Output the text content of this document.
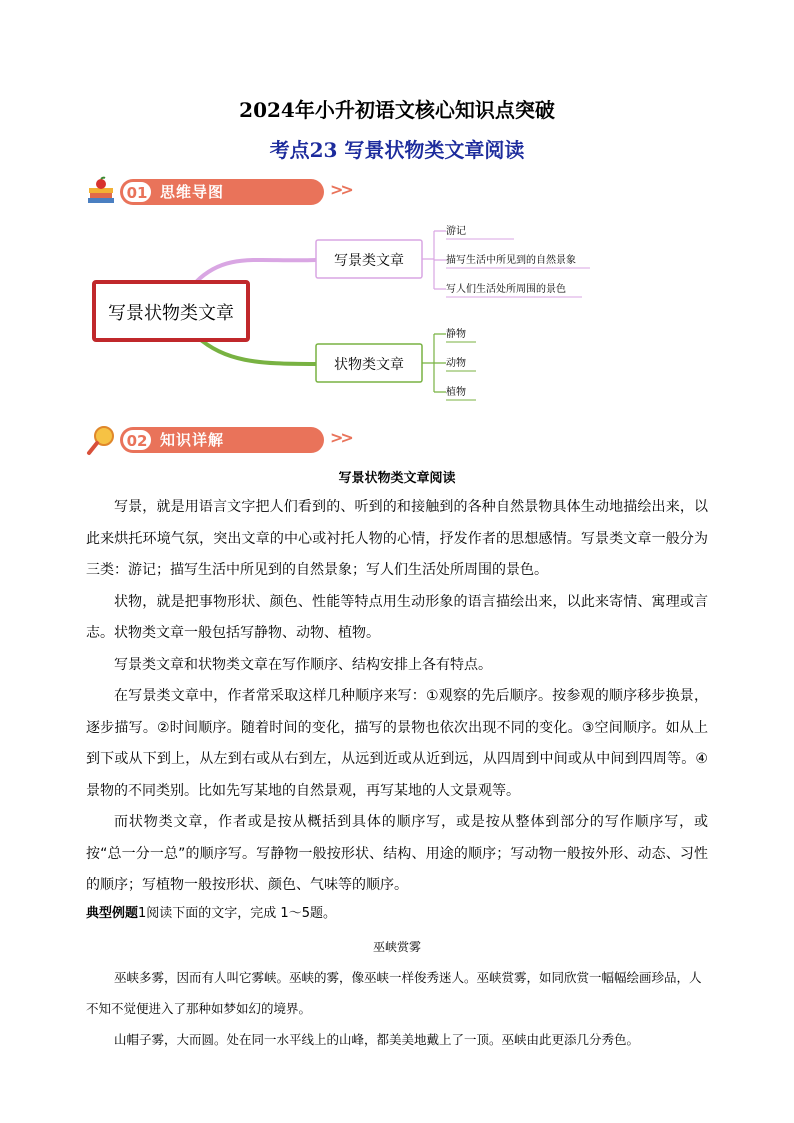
2024年小升初语文核心知识点突破
考点23 写景状物类文章阅读
01 思维导图	>>
写景状物类文章
写景类文章
游记
描写生活中所见到的自然景象
写人们生活处所周围的景色
状物类文章
静物
动物
植物
02 知识详解	>>
写景状物类文章阅读

写景，就是用语言文字把人们看到的、听到的和接触到的各种自然景物具体生动地描绘出来，以此来烘托环境气氛，突出文章的中心或衬托人物的心情，抒发作者的思想感情。写景类文章一般分为三类：游记；描写生活中所见到的自然景象；写人们生活处所周围的景色。

状物，就是把事物形状、颜色、性能等特点用生动形象的语言描绘出来，以此来寄情、寓理或言志。状物类文章一般包括写静物、动物、植物。

写景类文章和状物类文章在写作顺序、结构安排上各有特点。

在写景类文章中，作者常采取这样几种顺序来写：①观察的先后顺序。按参观的顺序移步换景，逐步描写。②时间顺序。随着时间的变化，描写的景物也依次出现不同的变化。③空间顺序。如从上到下或从下到上，从左到右或从右到左，从远到近或从近到远，从四周到中间或从中间到四周等。④景物的不同类别。比如先写某地的自然景观，再写某地的人文景观等。

而状物类文章，作者或是按从概括到具体的顺序写，或是按从整体到部分的写作顺序写，或按“总一分一总”的顺序写。写静物一般按形状、结构、用途的顺序；写动物一般按外形、动态、习性的顺序；写植物一般按形状、颜色、气味等的顺序。

典型例题1阅读下面的文字，完成 1～5题。
巫峡赏雾

巫峡多雾，因而有人叫它雾峡。巫峡的雾，像巫峡一样俊秀迷人。巫峡赏雾，如同欣赏一幅幅绘画珍品，人不知不觉便进入了那种如梦如幻的境界。

山帽子雾，大而圆。处在同一水平线上的山峰，都美美地戴上了一顶。巫峡由此更添几分秀色。
